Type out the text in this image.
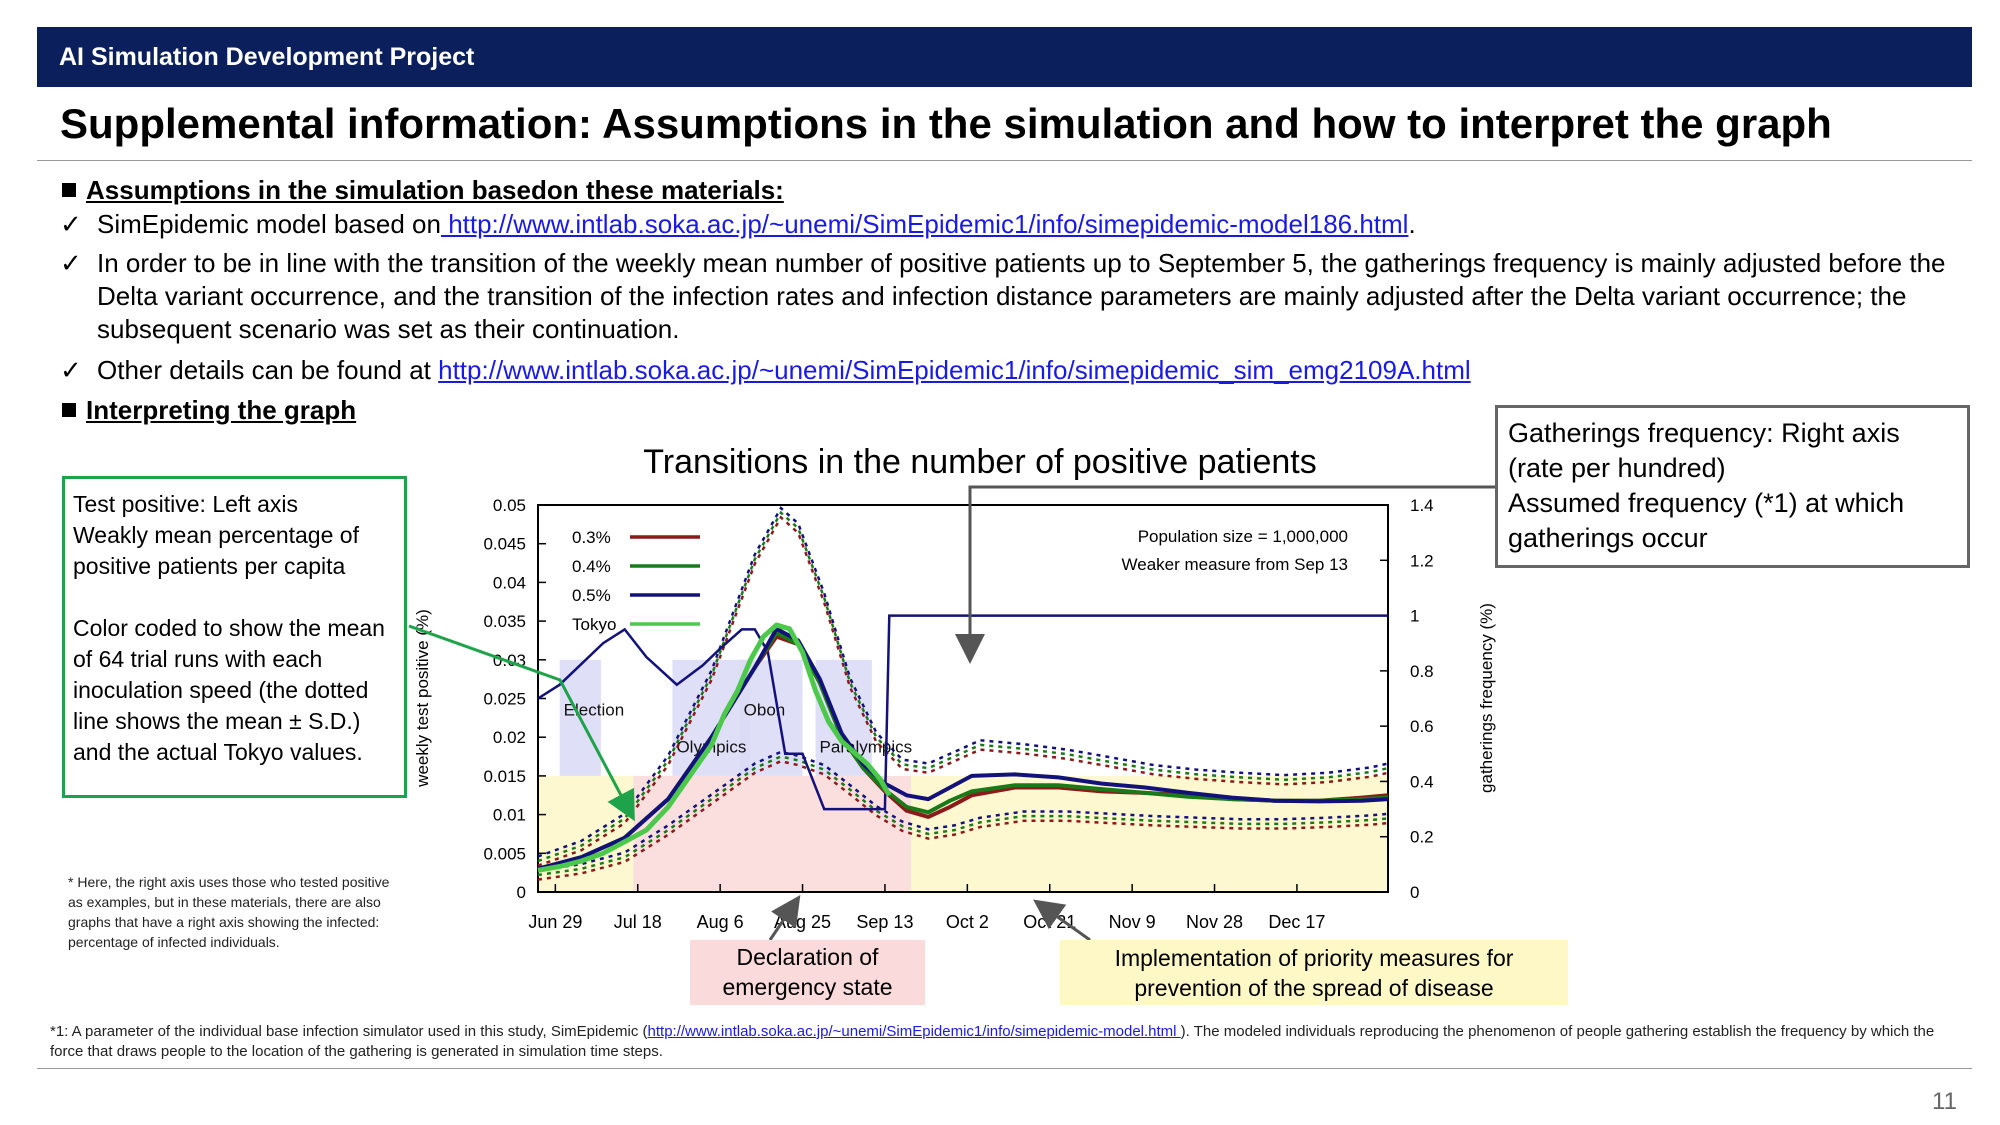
AI Simulation Development Project
Supplemental information: Assumptions in the simulation and how to interpret the graph
Assumptions in the simulation basedon these materials:
✓ SimEpidemic model based on http://www.intlab.soka.ac.jp/~unemi/SimEpidemic1/info/simepidemic-model186.html.
✓ In order to be in line with the transition of the weekly mean number of positive patients up to September 5, the gatherings frequency is mainly adjusted before the Delta variant occurrence, and the transition of the infection rates and infection distance parameters are mainly adjusted after the Delta variant occurrence; the subsequent scenario was set as their continuation.
✓ Other details can be found at http://www.intlab.soka.ac.jp/~unemi/SimEpidemic1/info/simepidemic_sim_emg2109A.html
Interpreting the graph
Election
Olympics
Obon
Paralympics
0
0.005
0.01
0.015
0.02
0.025
0.03
0.035
0.04
0.045
0.05
0
0.2
0.4
0.6
0.8
1
1.2
1.4
Jun 29 Jul 18 Aug 6 Aug 25 Sep 13 Oct 2 Oct 21 Nov 9 Nov 28 Dec 17
weekly test positive (%)	gatherings frequency (%)
Transitions in the number of positive patients
0.3%
0.4%
0.5%
Tokyo
Population size = 1,000,000
Weaker measure from Sep 13
Test positive: Left axis
Weakly mean percentage of positive patients per capita
Color coded to show the mean of 64 trial runs with each inoculation speed (the dotted line shows the mean ± S.D.) and the actual Tokyo values.
Gatherings frequency: Right axis (rate per hundred)
Assumed frequency (*1) at which gatherings occur
* Here, the right axis uses those who tested positive as examples, but in these materials, there are also graphs that have a right axis showing the infected: percentage of infected individuals.
Declaration of emergency state
Implementation of priority measures for prevention of the spread of disease
*1: A parameter of the individual base infection simulator used in this study, SimEpidemic (http://www.intlab.soka.ac.jp/~unemi/SimEpidemic1/info/simepidemic-model.html ). The modeled individuals reproducing the phenomenon of people gathering establish the frequency by which the force that draws people to the location of the gathering is generated in simulation time steps.
11
